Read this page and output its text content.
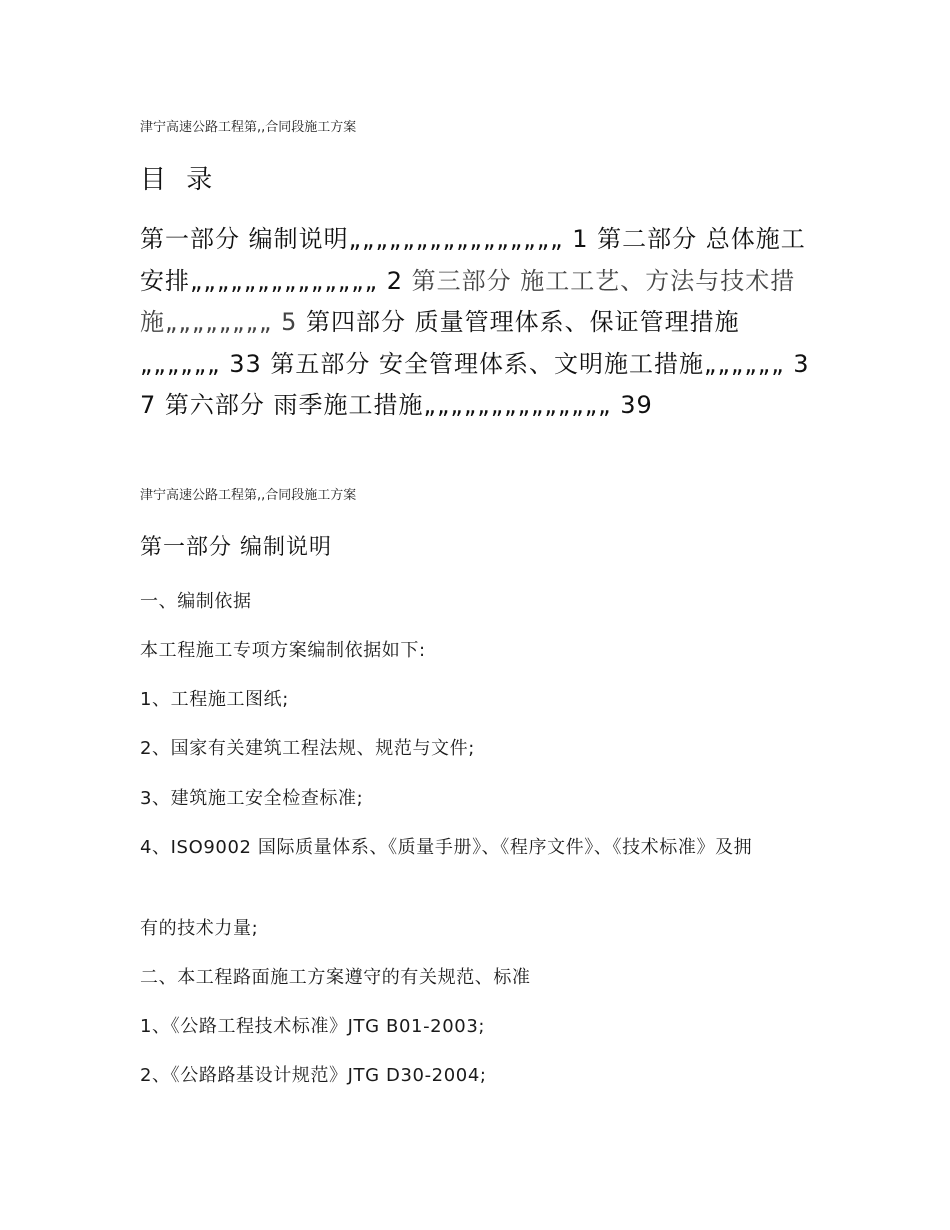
津宁高速公路工程第,,合同段施工方案
目 录
第一部分 编制说明„„„„„„„„„„„„„„„„ 1 第二部分 总体施工安排„„„„„„„„„„„„„„ 2 第三部分 施工工艺、方法与技术措施„„„„„„„„ 5 第四部分 质量管理体系、保证管理措施„„„„„„ 33 第五部分 安全管理体系、文明施工措施„„„„„„ 37 第六部分 雨季施工措施„„„„„„„„„„„„„„ 39
津宁高速公路工程第,,合同段施工方案
第一部分 编制说明
一、编制依据
本工程施工专项方案编制依据如下:
1、工程施工图纸;
2、国家有关建筑工程法规、规范与文件;
3、建筑施工安全检查标准;
4、ISO9002 国际质量体系、《质量手册》、《程序文件》、《技术标准》及拥
有的技术力量;
二、本工程路面施工方案遵守的有关规范、标准
1、《公路工程技术标准》JTG B01-2003;
2、《公路路基设计规范》JTG D30-2004;
